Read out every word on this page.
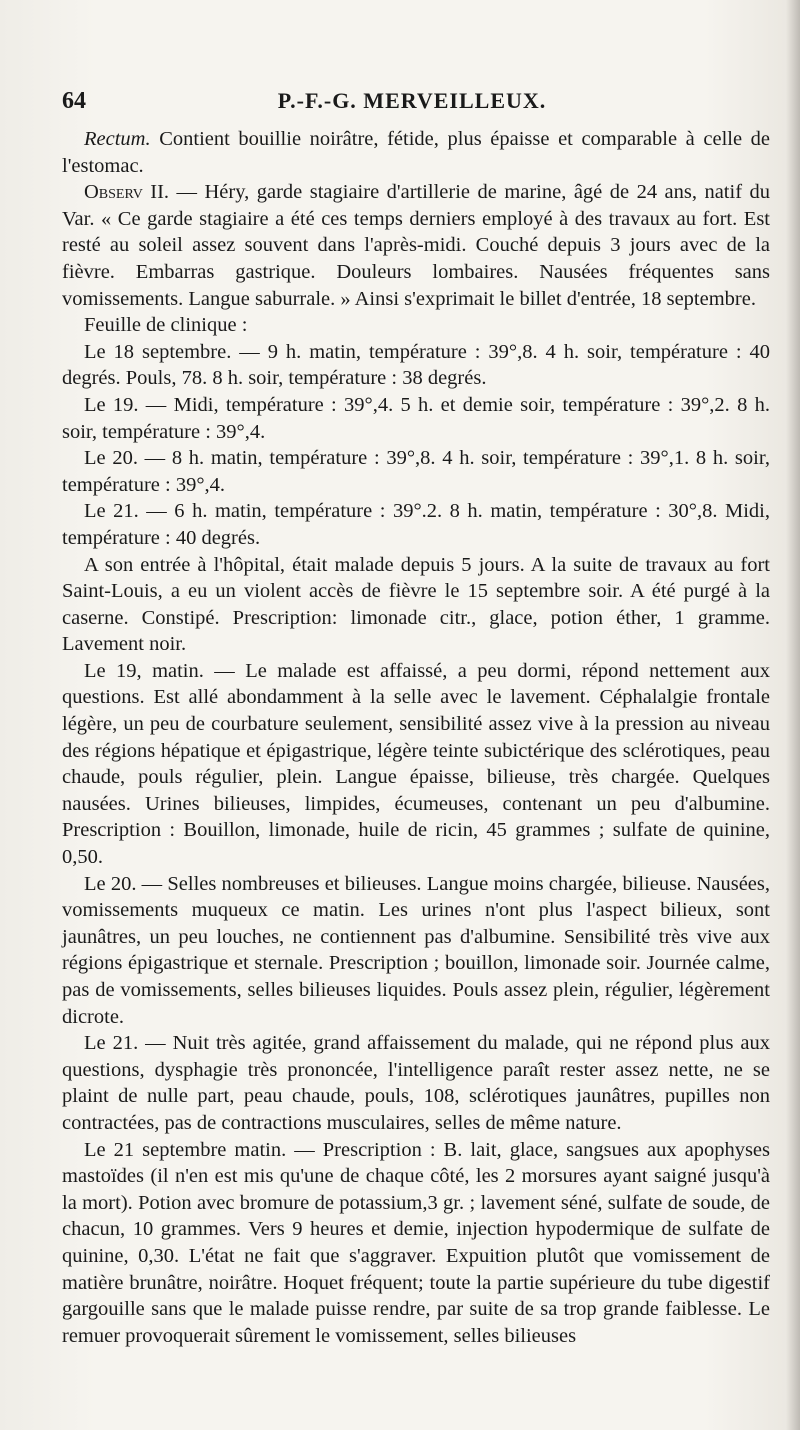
64	P.-F.-G. MERVEILLEUX.

Rectum. Contient bouillie noirâtre, fétide, plus épaisse et comparable à celle de l'estomac.

Observ II. — Héry, garde stagiaire d'artillerie de marine, âgé de 24 ans, natif du Var. « Ce garde stagiaire a été ces temps derniers employé à des travaux au fort. Est resté au soleil assez souvent dans l'après-midi. Couché depuis 3 jours avec de la fièvre. Embarras gastrique. Douleurs lombaires. Nausées fréquentes sans vomissements. Langue saburrale. » Ainsi s'exprimait le billet d'entrée, 18 septembre.

Feuille de clinique :

Le 18 septembre. — 9 h. matin, température : 39°,8. 4 h. soir, température : 40 degrés. Pouls, 78. 8 h. soir, température : 38 degrés.

Le 19. — Midi, température : 39°,4. 5 h. et demie soir, température : 39°,2. 8 h. soir, température : 39°,4.

Le 20. — 8 h. matin, température : 39°,8. 4 h. soir, température : 39°,1. 8 h. soir, température : 39°,4.

Le 21. — 6 h. matin, température : 39°.2. 8 h. matin, température : 30°,8. Midi, température : 40 degrés.

A son entrée à l'hôpital, était malade depuis 5 jours. A la suite de travaux au fort Saint-Louis, a eu un violent accès de fièvre le 15 septembre soir. A été purgé à la caserne. Constipé. Prescription: limonade citr., glace, potion éther, 1 gramme. Lavement noir.

Le 19, matin. — Le malade est affaissé, a peu dormi, répond nettement aux questions. Est allé abondamment à la selle avec le lavement. Céphalalgie frontale légère, un peu de courbature seulement, sensibilité assez vive à la pression au niveau des régions hépatique et épigastrique, légère teinte subictérique des sclérotiques, peau chaude, pouls régulier, plein. Langue épaisse, bilieuse, très chargée. Quelques nausées. Urines bilieuses, limpides, écumeuses, contenant un peu d'albumine. Prescription : Bouillon, limonade, huile de ricin, 45 grammes ; sulfate de quinine, 0,50.

Le 20. — Selles nombreuses et bilieuses. Langue moins chargée, bilieuse. Nausées, vomissements muqueux ce matin. Les urines n'ont plus l'aspect bilieux, sont jaunâtres, un peu louches, ne contiennent pas d'albumine. Sensibilité très vive aux régions épigastrique et sternale. Prescription ; bouillon, limonade soir. Journée calme, pas de vomissements, selles bilieuses liquides. Pouls assez plein, régulier, légèrement dicrote.

Le 21. — Nuit très agitée, grand affaissement du malade, qui ne répond plus aux questions, dysphagie très prononcée, l'intelligence paraît rester assez nette, ne se plaint de nulle part, peau chaude, pouls, 108, sclérotiques jaunâtres, pupilles non contractées, pas de contractions musculaires, selles de même nature.

Le 21 septembre matin. — Prescription : B. lait, glace, sangsues aux apophyses mastoïdes (il n'en est mis qu'une de chaque côté, les 2 morsures ayant saigné jusqu'à la mort). Potion avec bromure de potassium,3 gr. ; lavement séné, sulfate de soude, de chacun, 10 grammes. Vers 9 heures et demie, injection hypodermique de sulfate de quinine, 0,30. L'état ne fait que s'aggraver. Expuition plutôt que vomissement de matière brunâtre, noirâtre. Hoquet fréquent; toute la partie supérieure du tube digestif gargouille sans que le malade puisse rendre, par suite de sa trop grande faiblesse. Le remuer provoquerait sûrement le vomissement, selles bilieuses
